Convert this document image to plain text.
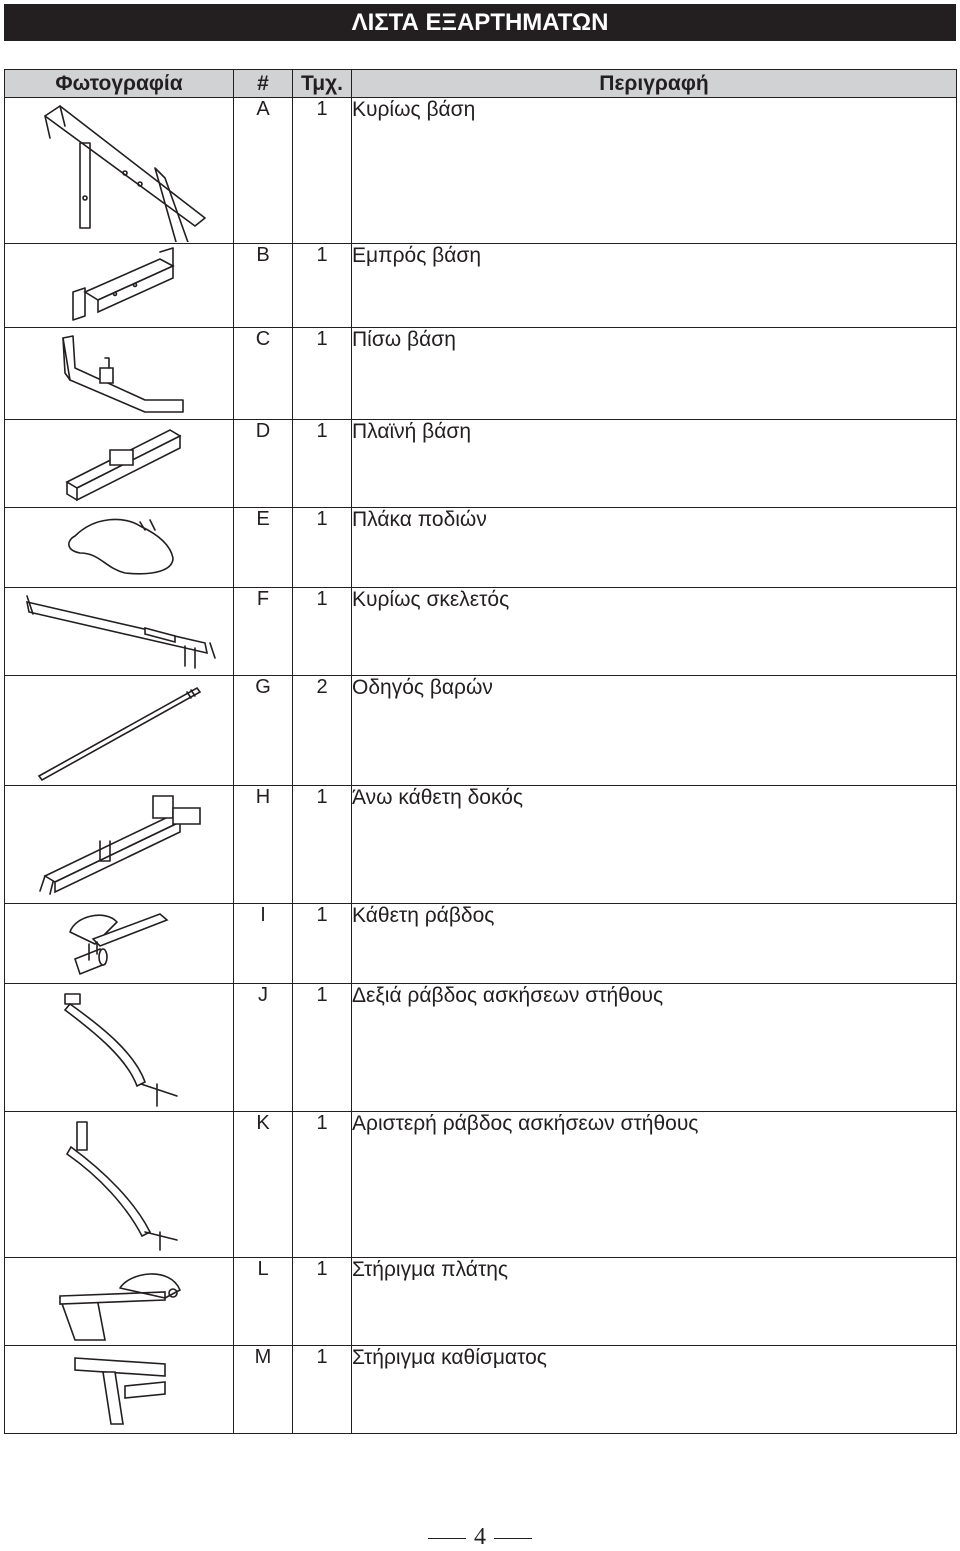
ΛΙΣΤΑ ΕΞΑΡΤΗΜΑΤΩΝ
Φωτογραφία	#	Τμχ.	Περιγραφή

	A	1	Κυρίως βάση

	B	1	Εμπρός βάση

	C	1	Πίσω βάση

	D	1	Πλαϊνή βάση

	E	1	Πλάκα ποδιών

	F	1	Κυρίως σκελετός

	G	2	Οδηγός βαρών

	H	1	Άνω κάθετη δοκός

	I	1	Κάθετη ράβδος

	J	1	Δεξιά ράβδος ασκήσεων στήθους

	K	1	Αριστερή ράβδος ασκήσεων στήθους

	L	1	Στήριγμα πλάτης

	M	1	Στήριγμα καθίσματος
4
